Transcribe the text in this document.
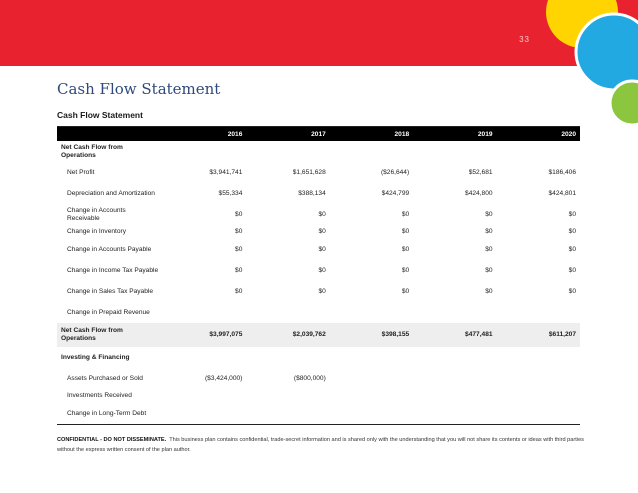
33
Cash Flow Statement
Cash Flow Statement
	2016	2017	2018	2019	2020
Net Cash Flow from Operations					
Net Profit	$3,941,741	$1,651,628	($26,644)	$52,681	$186,406
Depreciation and Amortization	$55,334	$388,134	$424,799	$424,800	$424,801
Change in Accounts Receivable	$0	$0	$0	$0	$0
Change in Inventory	$0	$0	$0	$0	$0
Change in Accounts Payable	$0	$0	$0	$0	$0
Change in Income Tax Payable	$0	$0	$0	$0	$0
Change in Sales Tax Payable	$0	$0	$0	$0	$0
Change in Prepaid Revenue					
Net Cash Flow from Operations	$3,997,075	$2,039,762	$398,155	$477,481	$611,207
Investing & Financing					
Assets Purchased or Sold	($3,424,000)	($800,000)			
Investments Received					
Change in Long-Term Debt					
CONFIDENTIAL - DO NOT DISSEMINATE. This business plan contains confidential, trade-secret information and is shared only with the understanding that you will not share its contents or ideas with third parties without the express written consent of the plan author.
